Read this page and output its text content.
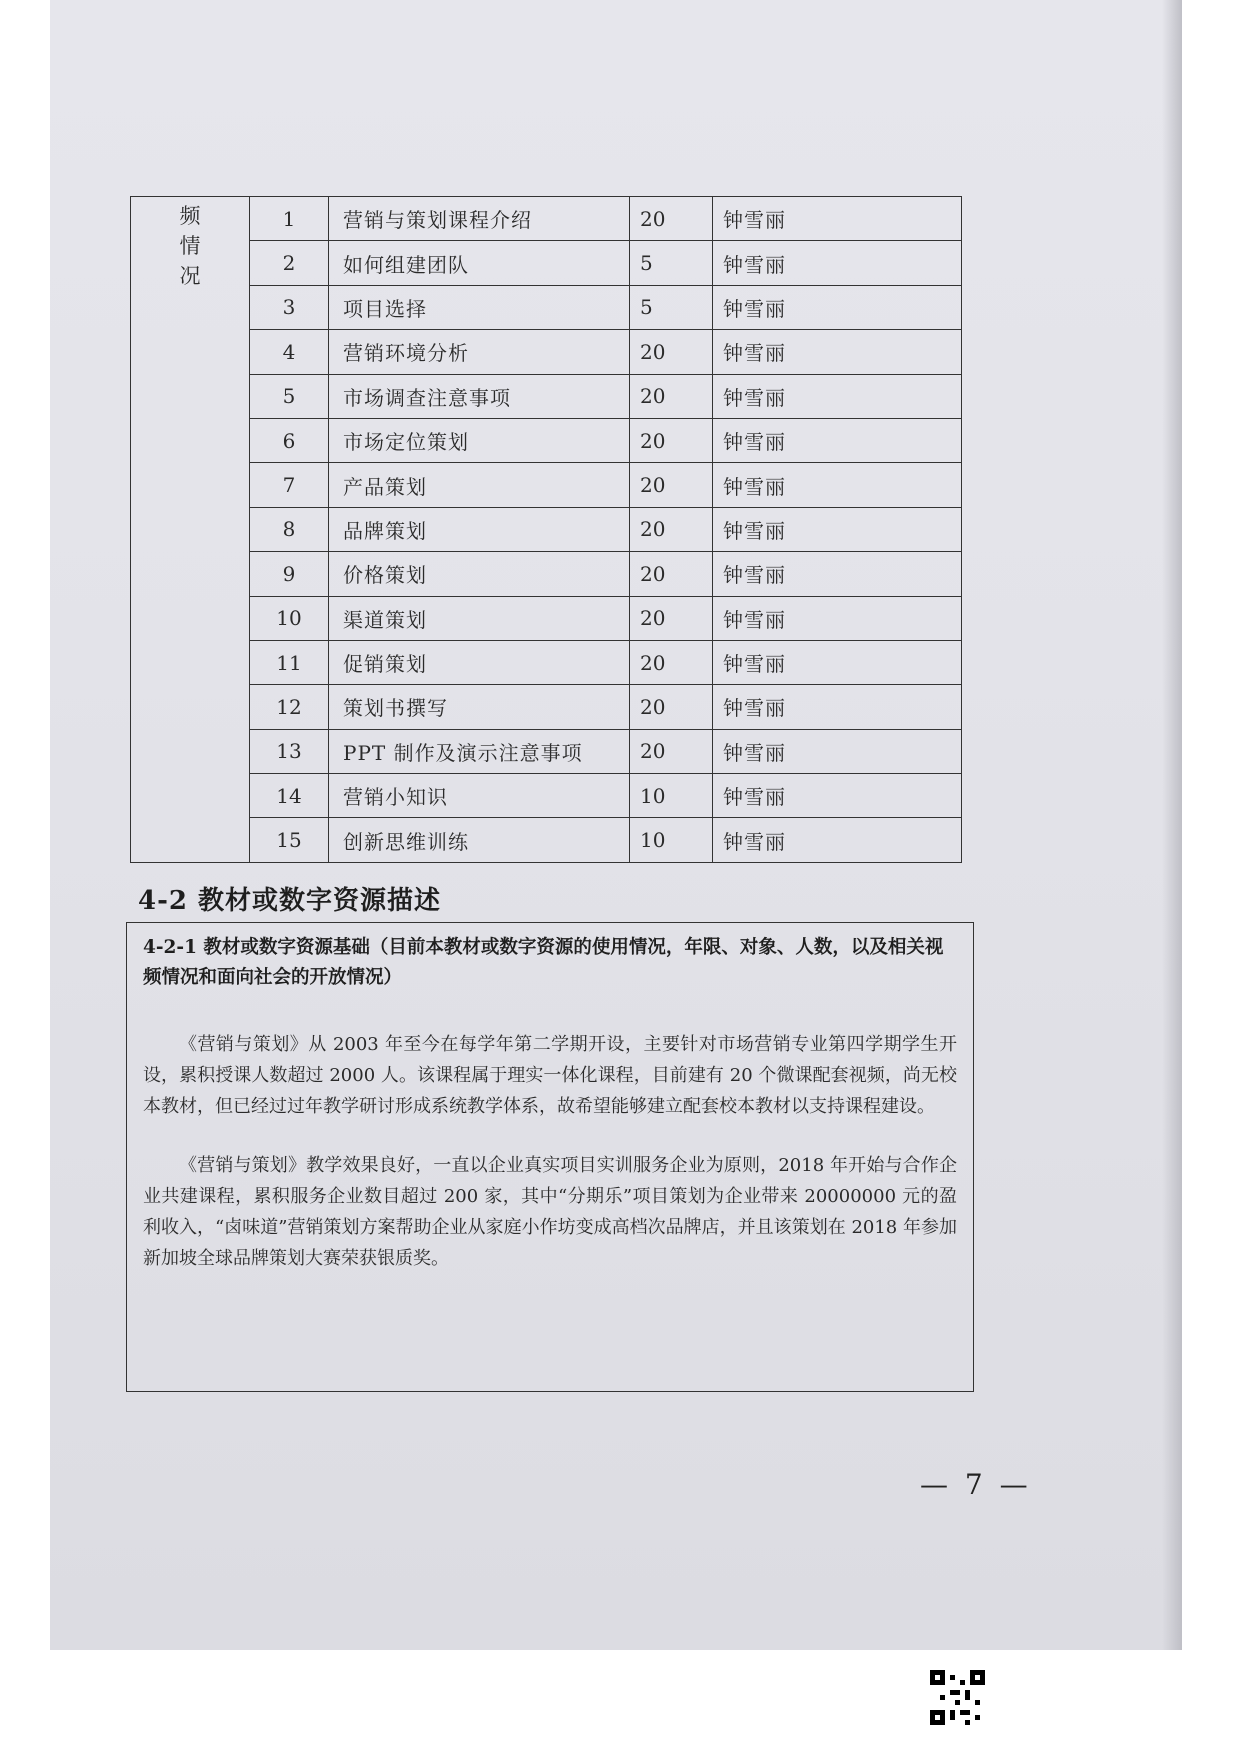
频
情
况	1	营销与策划课程介绍	20	钟雪丽
	2	如何组建团队	5	钟雪丽
	3	项目选择	5	钟雪丽
	4	营销环境分析	20	钟雪丽
	5	市场调查注意事项	20	钟雪丽
	6	市场定位策划	20	钟雪丽
	7	产品策划	20	钟雪丽
	8	品牌策划	20	钟雪丽
	9	价格策划	20	钟雪丽
	10	渠道策划	20	钟雪丽
	11	促销策划	20	钟雪丽
	12	策划书撰写	20	钟雪丽
	13	PPT 制作及演示注意事项	20	钟雪丽
	14	营销小知识	10	钟雪丽
	15	创新思维训练	10	钟雪丽
4-2 教材或数字资源描述
4-2-1 教材或数字资源基础（目前本教材或数字资源的使用情况，年限、对象、人数，以及相关视频情况和面向社会的开放情况）

《营销与策划》从 2003 年至今在每学年第二学期开设，主要针对市场营销专业第四学期学生开设，累积授课人数超过 2000 人。该课程属于理实一体化课程，目前建有 20 个微课配套视频，尚无校本教材，但已经过过年教学研讨形成系统教学体系，故希望能够建立配套校本教材以支持课程建设。

《营销与策划》教学效果良好，一直以企业真实项目实训服务企业为原则，2018 年开始与合作企业共建课程，累积服务企业数目超过 200 家，其中“分期乐”项目策划为企业带来 20000000 元的盈利收入，“卤味道”营销策划方案帮助企业从家庭小作坊变成高档次品牌店，并且该策划在 2018 年参加新加坡全球品牌策划大赛荣获银质奖。

— 7 —
